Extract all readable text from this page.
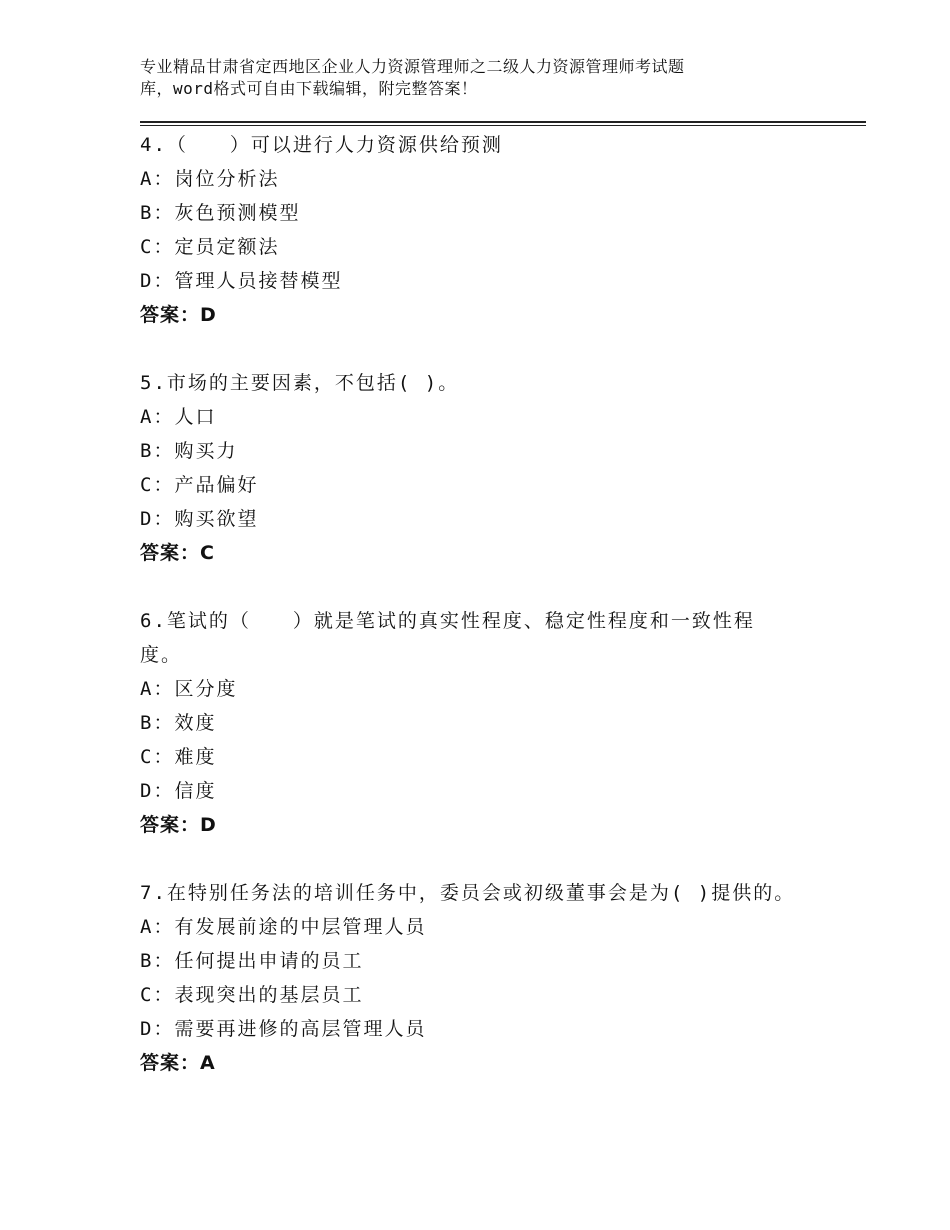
专业精品甘肃省定西地区企业人力资源管理师之二级人力资源管理师考试题
库，word格式可自由下载编辑，附完整答案！
4.（　　）可以进行人力资源供给预测
A：岗位分析法
B：灰色预测模型
C：定员定额法
D：管理人员接替模型
答案：D
5.市场的主要因素，不包括( )。
A：人口
B：购买力
C：产品偏好
D：购买欲望
答案：C
6.笔试的（　　）就是笔试的真实性程度、稳定性程度和一致性程
度。
A：区分度
B：效度
C：难度
D：信度
答案：D
7.在特别任务法的培训任务中，委员会或初级董事会是为( )提供的。
A：有发展前途的中层管理人员
B：任何提出申请的员工
C：表现突出的基层员工
D：需要再进修的高层管理人员
答案：A
